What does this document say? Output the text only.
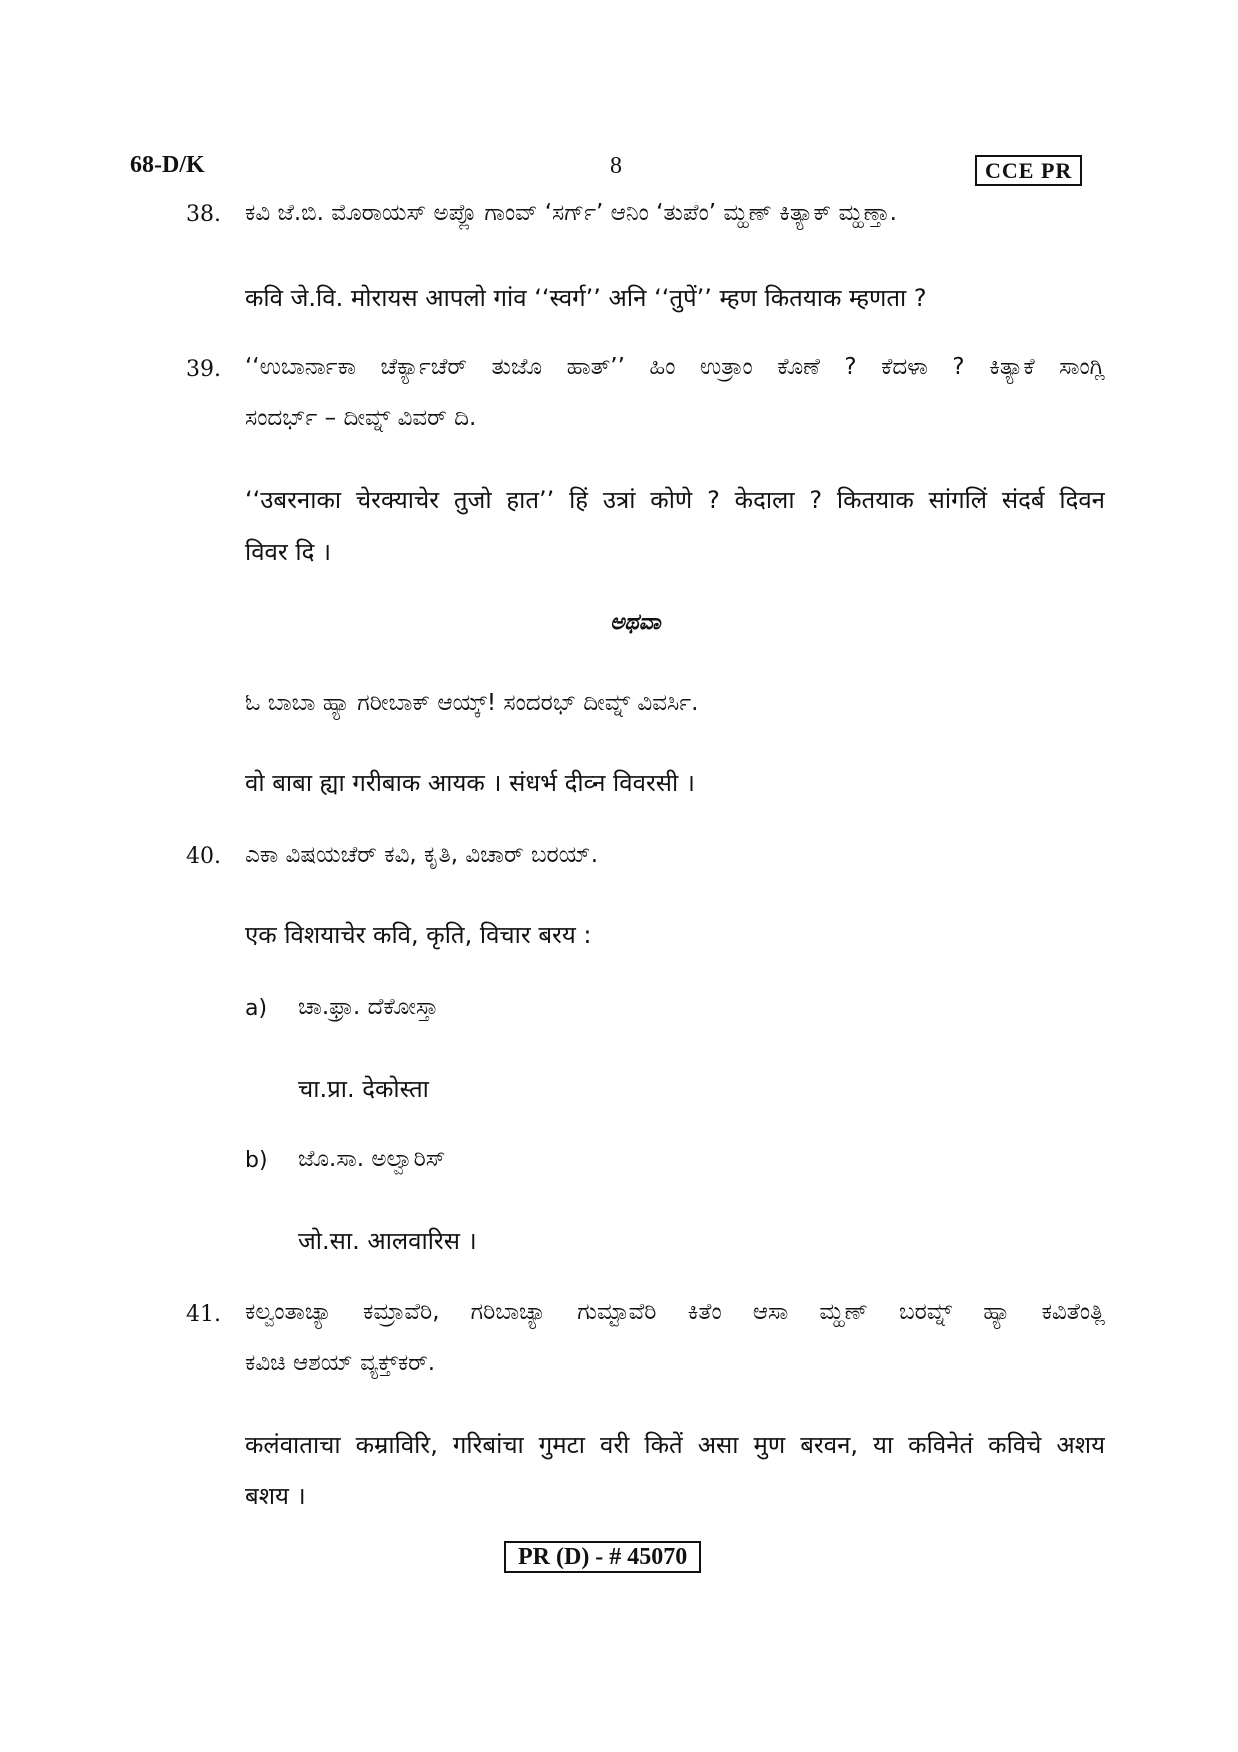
68-D/K	8	CCE PR
38. ಕವಿ ಜೆ.ಬಿ. ಮೊರಾಯಸ್ ಅಪ್ಲೊ ಗಾಂವ್ ‘ಸರ್ಗ್’ ಆನಿಂ ‘ತುಪೆಂ’ ಮ್ಹಣ್ ಕಿತ್ಯಾಕ್ ಮ್ಹಣ್ತಾ.
कवि जे.वि. मोरायस आपलो गांव ‘‘स्वर्ग’’ अनि ‘‘तुपें’’ म्हण कितयाक म्हणता ?
39. ‘‘ಉಬಾರ್ನಾಕಾ ಚೆರ್ಕ್ಯಾಚೆರ್ ತುಜೊ ಹಾತ್’’ ಹಿಂ ಉತ್ರಾಂ ಕೊಣೆ ? ಕೆದಳಾ ? ಕಿತ್ಯಾಕೆ ಸಾಂಗ್ಲಿ
ಸಂದರ್ಭ್ – ದೀವ್ನ್ ವಿವರ್ ದಿ.
‘‘उबरनाका चेरक्याचेर तुजो हात’’ हिं उत्रां कोणे ? केदाला ? कितयाक सांगलिं संदर्ब दिवन
विवर दि ।
ಅಥವಾ
ಓ ಬಾಬಾ ಹ್ಯಾ ಗರೀಬಾಕ್ ಆಯ್ಕ್! ಸಂದರಭ್ ದೀವ್ನ್ ವಿವರ್ಸಿ.
वो बाबा ह्या गरीबाक आयक । संधर्भ दीव्न विवरसी ।
40. ಎಕಾ ವಿಷಯಚೆರ್ ಕವಿ, ಕೃತಿ, ವಿಚಾರ್ ಬರಯ್.
एक विशयाचेर कवि, कृति, विचार बरय :
a) ಚಾ.ಫ್ರಾ. ದೆಕೋಸ್ತಾ
चा.प्रा. देकोस्ता
b) ಜೊ.ಸಾ. ಅಲ್ವಾರಿಸ್
जो.सा. आलवारिस ।
41. ಕಲ್ವಂತಾಚ್ಯಾ ಕಮ್ರಾವೆರಿ, ಗರಿಬಾಚ್ಯಾ ಗುಮ್ಟಾವೆರಿ ಕಿತೆಂ ಆಸಾ ಮ್ಹಣ್ ಬರವ್ನ್ ಹ್ಯಾ ಕವಿತೆಂತ್ಲಿ
ಕವಿಚಿ ಆಶಯ್ ವ್ಯಕ್ತ್‌ಕರ್.
कलंवाताचा कम्राविरि, गरिबांचा गुमटा वरी कितें असा मुण बरवन, या कविनेतं कविचे अशय
बशय ।
PR (D) - # 45070
